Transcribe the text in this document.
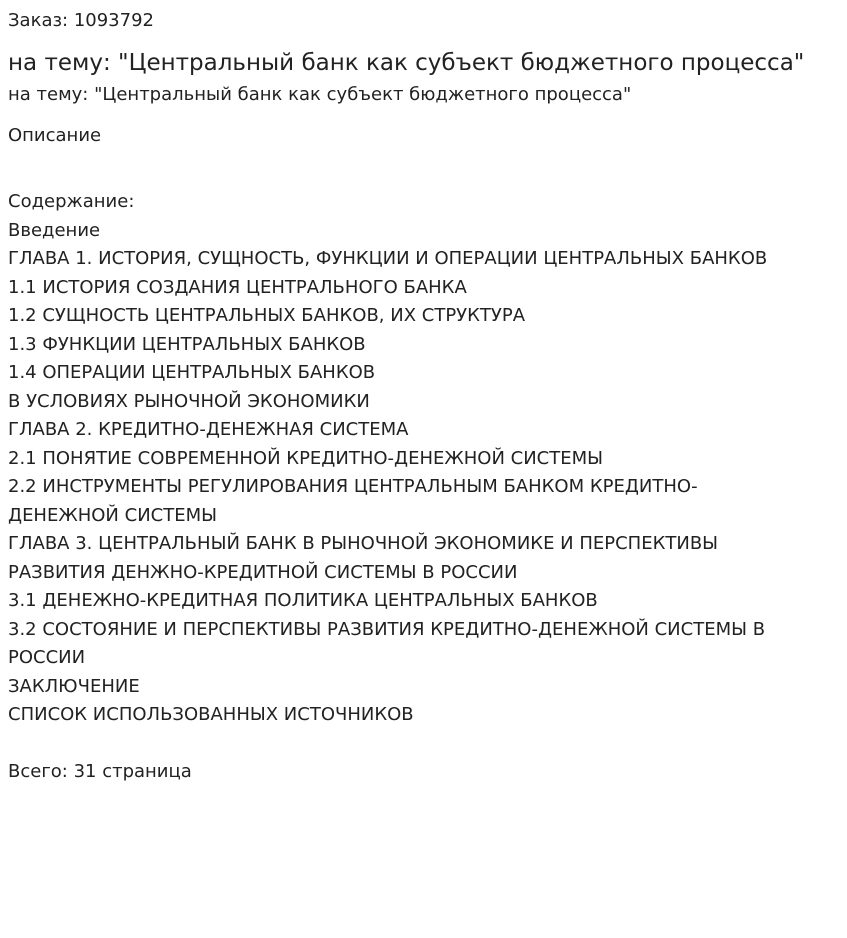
Заказ: 1093792
на тему: "Центральный банк как субъект бюджетного процесса"
на тему: "Центральный банк как субъект бюджетного процесса"
Описание
Содержание:
Введение
ГЛАВА 1. ИСТОРИЯ, СУЩНОСТЬ, ФУНКЦИИ И ОПЕРАЦИИ ЦЕНТРАЛЬНЫХ БАНКОВ
1.1 ИСТОРИЯ СОЗДАНИЯ ЦЕНТРАЛЬНОГО БАНКА
1.2 СУЩНОСТЬ ЦЕНТРАЛЬНЫХ БАНКОВ, ИХ СТРУКТУРА
1.3 ФУНКЦИИ ЦЕНТРАЛЬНЫХ БАНКОВ
1.4 ОПЕРАЦИИ ЦЕНТРАЛЬНЫХ БАНКОВ
В УСЛОВИЯХ РЫНОЧНОЙ ЭКОНОМИКИ
ГЛАВА 2. КРЕДИТНО-ДЕНЕЖНАЯ СИСТЕМА
2.1 ПОНЯТИЕ СОВРЕМЕННОЙ КРЕДИТНО-ДЕНЕЖНОЙ СИСТЕМЫ
2.2 ИНСТРУМЕНТЫ РЕГУЛИРОВАНИЯ ЦЕНТРАЛЬНЫМ БАНКОМ КРЕДИТНО-
ДЕНЕЖНОЙ СИСТЕМЫ
ГЛАВА 3. ЦЕНТРАЛЬНЫЙ БАНК В РЫНОЧНОЙ ЭКОНОМИКЕ И ПЕРСПЕКТИВЫ
РАЗВИТИЯ ДЕНЖНО-КРЕДИТНОЙ СИСТЕМЫ В РОССИИ
3.1 ДЕНЕЖНО-КРЕДИТНАЯ ПОЛИТИКА ЦЕНТРАЛЬНЫХ БАНКОВ
3.2 СОСТОЯНИЕ И ПЕРСПЕКТИВЫ РАЗВИТИЯ КРЕДИТНО-ДЕНЕЖНОЙ СИСТЕМЫ В
РОССИИ
ЗАКЛЮЧЕНИЕ
СПИСОК ИСПОЛЬЗОВАННЫХ ИСТОЧНИКОВ
Всего: 31 страница
